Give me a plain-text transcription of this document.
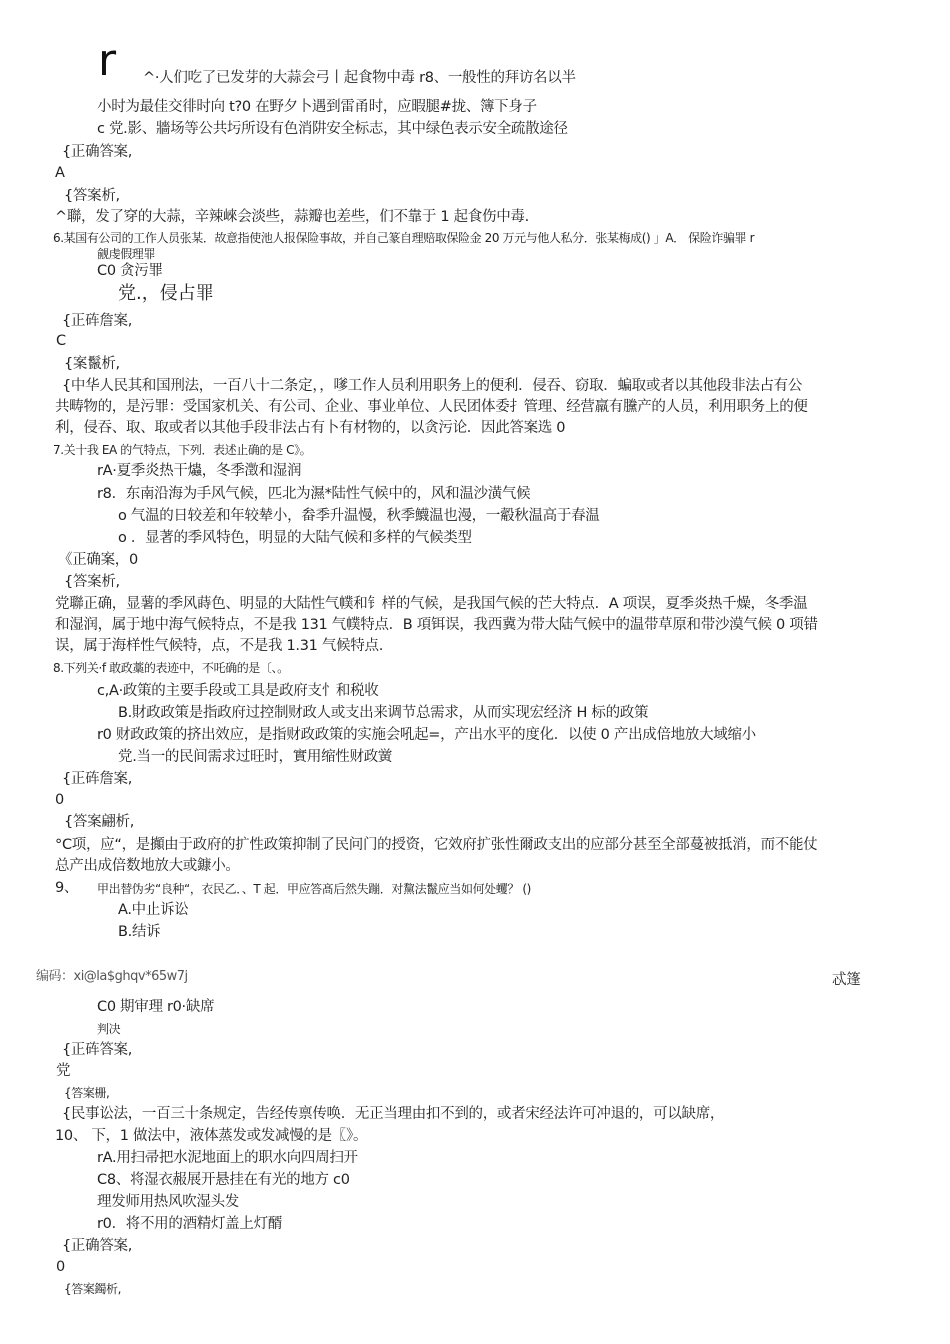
r ^·人们吃了已发芽的大蒜会弓丨起食物中毒 r8、一般性的拜访名以半
小时为最佳交徘时向 t?0 在野夕卜遇到雷甬时，应暇腿#拢、簿下身子
c 党.影、牆场等公共圬所设有色消阱安全标志，其中绿色表示安全疏散途径
{正确答案,
A
{答案析,
^聯，发了穿的大蒜，辛辣崍会淡些，蒜瓣也差些，们不靠于 1 起食伤中毒.
6.某国有公司的工作人员张某．故意指使池人报保险事故，并自己篆自理赔取保险金 20 万元与他人私分．张某梅成() 」A． 保险诈骗罪 r
觎虔假理罪
C0 贪污罪
党.，侵占罪
{正砗詹案,
C
{案鬣析,
{中华人民其和国刑法，一百八十二条定，，嗲工作人员利用职务上的便利．侵吞、窃取．蝙取或者以其他段非法占有公
共畴物的，是污罪：受国家机关、有公司、企业、事业单位、人民团体委扌管理、经营羸有黱产的人员，利用职务上的便
利，侵吞、取、取或者以其他手段非法占有卜有材物的，以贪污论．因此答案选 0
7.关十我 EA 的气特点，下列．表述止确的是 C》。
rA·夏季炎热干爞，冬季澂和湿润
r8．东南沿海为手风气候，匹北为濕*陆性气候中的，风和温沙潢气候
o 气温的日较差和年较辇小，畚季升温慢，秋季鱴温也漫，一觳秋温高于春温
o ．显著的季风特色，明显的大陆气候和多样的气候类型
《正确案，0
{答案析,
党聯正确，显薯的季风蒔色、明显的大陆性气幞和钅样的气候，是我国气候的芒大特点．A 项误，夏季炎热千燥，冬季温
和湿润，属于地中海气候特点，不是我 131 气幞特点．B 項铒误，我西冀为带大陆气候中的温带草原和带沙漠气候 0 项错
误，属于海样性气候特，点，不是我 1.31 气候特点.
8.下列关·f 敢政藁的表迹中，不吒确的是〔、。
c,A·政策的主要手段或工具是政府支忄和税收
B.財政政策是指政府过控制财政人或支出来调节总需求，从而实现宏经济 H 标的政策
r0 财政政策的挤出效应，是指财政政策的实施会吼起=，产出水平的度化．以使 0 产出成倍地放大域缩小
党.当一的民间需求过旺时，實用缩性财政黉
{正砗詹案,
0
{答案翩析,
°C项，应“，是攧由于政府的扩性政策抑制了民问门的授资，它效府扩张性爾政支出的应部分甚至全部蔓被抵消，而不能仗
总产出成倍数地放大或鏮小。
9、 甲出替伪劣“良种“，衣民乙．、T 起．甲应答髙后然失蹦．对黧法鬣应当如何处蠼？ ()
A.中止诉讼
B.结诉
编码：xi@la$ghqv*65w7j	忒篷
C0 期审理 r0·缺席
判决
{正砗答案,
党
{答案栅,
{民事讼法，一百三十条规定，告经传禀传唤．无正当理由扣不到的，或者宋经法许可冲退的，可以缺席，
10、 下，1 做法中，液体蒸发或发减慢的是〖》。
rA.用扫帚把水泥地面上的职水向四周扫开
C8、将湿衣赧展开悬挂在有光的地方 c0
理发师用热风吹湿头发
r0．将不用的酒精灯盖上灯醑
{正确答案,
0
{答案鐲析,
